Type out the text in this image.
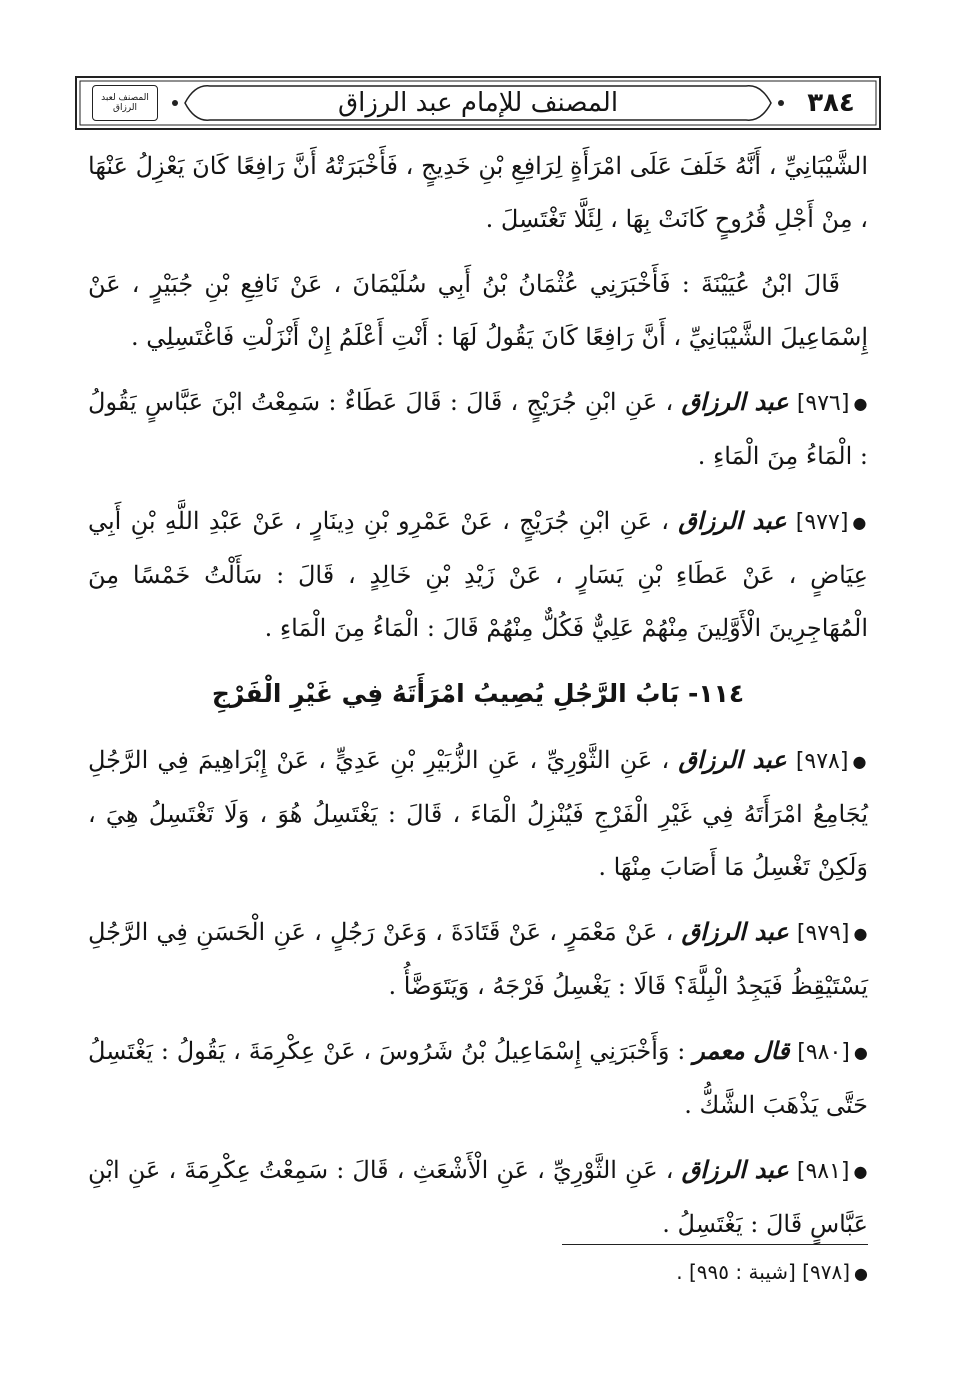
المصنف لعبد الرزاق	٣٨٤
المصنف للإمام عبد الرزاق

الشَّيْبَانِيِّ ، أَنَّهُ خَلَفَ عَلَى امْرَأَةٍ لِرَافِعِ بْنِ خَدِيجٍ ، فَأَخْبَرَتْهُ أَنَّ رَافِعًا كَانَ يَعْزِلُ عَنْهَا ، مِنْ أَجْلِ قُرُوحٍ كَانَتْ بِهَا ، لِئَلَّا تَغْتَسِلَ .

قَالَ ابْنُ عُيَيْنَةَ : فَأَخْبَرَنِي عُثْمَانُ بْنُ أَبِي سُلَيْمَانَ ، عَنْ نَافِعِ بْنِ جُبَيْرٍ ، عَنْ إِسْمَاعِيلَ الشَّيْبَانِيِّ ، أَنَّ رَافِعًا كَانَ يَقُولُ لَهَا : أَنْتِ أَعْلَمُ إِنْ أَنْزَلْتِ فَاغْتَسِلِي .

●[٩٧٦] عبد الرزاق ، عَنِ ابْنِ جُرَيْجٍ ، قَالَ : قَالَ عَطَاءٌ : سَمِعْتُ ابْنَ عَبَّاسٍ يَقُولُ : الْمَاءُ مِنَ الْمَاءِ .

●[٩٧٧] عبد الرزاق ، عَنِ ابْنِ جُرَيْجٍ ، عَنْ عَمْرِو بْنِ دِينَارٍ ، عَنْ عَبْدِ اللَّهِ بْنِ أَبِي عِيَاضٍ ، عَنْ عَطَاءِ بْنِ يَسَارٍ ، عَنْ زَيْدِ بْنِ خَالِدٍ ، قَالَ : سَأَلْتُ خَمْسًا مِنَ الْمُهَاجِرِينَ الْأَوَّلِينَ مِنْهُمْ عَلِيٌّ فَكُلٌّ مِنْهُمْ قَالَ : الْمَاءُ مِنَ الْمَاءِ .

١١٤- بَابُ الرَّجُلِ يُصِيبُ امْرَأَتَهُ فِي غَيْرِ الْفَرْجِ

●[٩٧٨] عبد الرزاق ، عَنِ الثَّوْرِيِّ ، عَنِ الزُّبَيْرِ بْنِ عَدِيٍّ ، عَنْ إِبْرَاهِيمَ فِي الرَّجُلِ يُجَامِعُ امْرَأَتَهُ فِي غَيْرِ الْفَرْجِ فَيُنْزِلُ الْمَاءَ ، قَالَ : يَغْتَسِلُ هُوَ ، وَلَا تَغْتَسِلُ هِيَ ، وَلَكِنْ تَغْسِلُ مَا أَصَابَ مِنْهَا .

●[٩٧٩] عبد الرزاق ، عَنْ مَعْمَرٍ ، عَنْ قَتَادَةَ ، وَعَنْ رَجُلٍ ، عَنِ الْحَسَنِ فِي الرَّجُلِ يَسْتَيْقِظُ فَيَجِدُ الْبِلَّةَ؟ قَالَا : يَغْسِلُ فَرْجَهُ ، وَيَتَوَضَّأُ .

●[٩٨٠] قال معمر : وَأَخْبَرَنِي إِسْمَاعِيلُ بْنُ شَرُوسَ ، عَنْ عِكْرِمَةَ ، يَقُولُ : يَغْتَسِلُ حَتَّى يَذْهَبَ الشَّكُّ .

●[٩٨١] عبد الرزاق ، عَنِ الثَّوْرِيِّ ، عَنِ الْأَشْعَثِ ، قَالَ : سَمِعْتُ عِكْرِمَةَ ، عَنِ ابْنِ عَبَّاسٍ قَالَ : يَغْتَسِلُ .

●[٩٧٨] [شيبة : ٩٩٥] .
